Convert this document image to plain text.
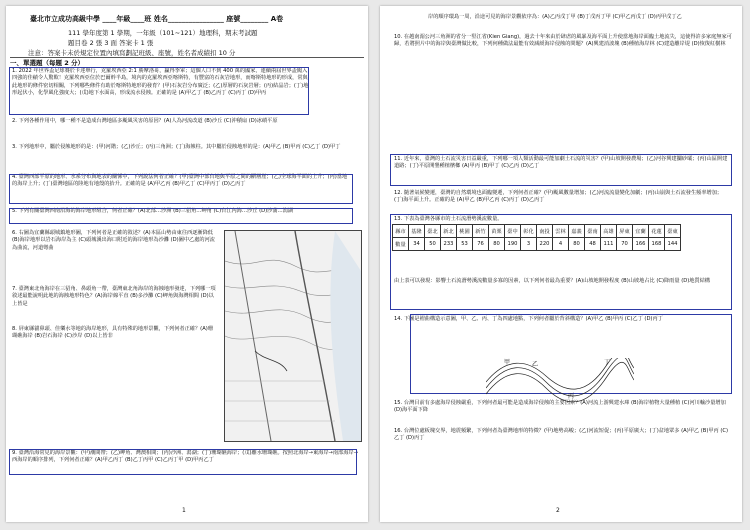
臺北市立成功高級中學 ____年級____班 姓名________________ 座號________ A卷
111 學年度第 1 學期，一年級（101∼121）地理科，期末考試題
題目卷 2 張 3 面 答案卡 1 張
注意：答案卡未於規定位置內填寫劃記班級、座號，姓名者成績扣 10 分
一、單選題（每題 2 分）
1. 2022 年世界盃足球賽於卡達舉行，克羅埃西亞 2:1 勝摩洛哥，贏得季軍；這個人口不到 400 萬的國家，連續兩屆世界盃闖入四強的佳績令人驚歎！克羅埃西亞位於巴爾幹半島，境內的克羅埃西亞喀斯特，有豐富的石灰岩地形，而喀斯特地形的形成，常與此地形的條件密切相關，下列哪些條件有助於喀斯特地形的發育？(甲)石灰岩分布廣泛；(乙)厚層的石灰岩層；(丙)結晶岩；(丁)地形起伏小，化學風化強度大；(戊)地下水面高，形成流水侵蝕。正確的是 (A)甲乙丁 (B)乙丙丁 (C)丙丁 (D)甲丙
2. 下列各種作用中，哪一種不是造成台灣地區多颱風災害的原因？(A)人為河流改道 (B)沙丘 (C)沖積扇 (D)冰磧平原
3. 下列地形中，屬於侵蝕地形的是：(甲)河階；(乙)沙丘；(丙)三角洲；(丁)海蝕柱。其中屬於侵蝕地形的是：(A)甲乙 (B)甲丙 (C)乙丁 (D)甲丁
4. 臺灣西部平原的地形、水系分布與地表的關係中，下列說法何者正確？(甲)臺灣中部台地與平原之間的斷層崖；(乙)全球海平面的上升；(丙)當地的海岸上升；(丁)臺灣地區的陸地有地殼的抬升。正確的是 (A)甲乙丙 (B)甲乙丁 (C)甲丙丁 (D)乙丙丁
5. 下列有關臺灣西南沿海的海岸地形組合，何者正確？(A)北部…沙洲 (B)三貂角…岬角 (C)台江內海…沙丘 (D)沙蒲…潟湖
6. 右圖為宜蘭縣頭城鎮地形圖，下列何者是正確的敘述？(A)本區山勢由東往西逐漸降低 (B)海岸地形以岩石海岸為主 (C)頭城溪出海口附近的海岸地形為沙灘 (D)圖中乙處的河流為曲流，河道彎曲
7. 臺灣東北角海岸在三貂角、鼻頭角一帶，臺灣東北角海岸的海蝕地形發達，下列哪一項敘述最能說明此地的海蝕地形特色？(A)海岸線平直 (B)多沙灘 (C)岬角與海灣相間 (D)以上皆是
8. 屏東縣貓鼻頭、佳樂水等地的海岸地形，具有特殊的地形景觀，下列何者正確？(A)珊瑚礁海岸 (B)岩石海岸 (C)沙岸 (D)以上皆非
9. 臺灣沿海常見的海岸景觀：(甲)潮間帶；(乙)岬角、灣澳相間；(丙)沙洲、潟湖；(丁)珊瑚礁海岸；(戊)離水珊瑚礁。按照北海岸→東海岸→南部海岸→西海岸的順序排列，下列何者正確？(A)甲乙丙丁 (B)乙丁丙甲 (C)乙丙丁甲 (D)甲丙乙丁
1
岸的順序環島一周，沿途可見的海岸景觀依序為：(A)乙丙戊丁甲 (B)丁戊丙丁甲 (C)甲乙丙戊丁 (D)丙甲戊丁乙
10. 在越南湄公河三角洲的省分一堅江省(Kien Giang)，過去十年來由於肆虐的風暴及海平面上升使當地海岸面臨土地流失，這使得許多家庭無家可歸，若將照片中的海岸與臺灣做比較，下列何種做法最能有效減緩海岸侵蝕的問題？(A)興建消波塊 (B)種植海岸林 (C)建造離岸堤 (D)恢復紅樹林
11. 近年來，臺灣的土石流災害日益嚴重，下列哪一項人類活動最可能加劇土石流的災害？(甲)山坡開發農場；(乙)河谷興建攔砂壩；(丙)山區開建道路；(丁)平原開墾種植檳榔 (A)甲丙 (B)甲丁 (C)乙丙 (D)乙丁
12. 隨著氣候變遷，臺灣的自然環境也面臨變遷，下列何者正確？(甲)颱風數量增加；(乙)河流流量變化加劇；(丙)山崩與土石流發生頻率增加；(丁)海平面上升。正確的是 (A)甲乙 (B)甲乙丙 (C)丙丁 (D)乙丙丁
13. 下表為臺灣各縣市的土石流潛勢溪流數量。
縣市	基隆	臺北	新北	桃園	新竹	苗栗	臺中	彰化	南投	雲林	嘉義	臺南	高雄	屏東	宜蘭	花蓮	臺東
數量	34	50	233	53	76	80	190	3	220	4	80	48	111	70	166	168	144
由上表可以發現：影響土石流潛勢溪流數量多寡的因素，以下列何者最為重要？(A)山坡地開發程度 (B)山坡地占比 (C)降雨量 (D)地質結構
14. 下圖是褶曲構造示意圖，甲、乙、丙、丁為四處地點，下列何者屬於背斜構造？(A)甲乙 (B)甲丙 (C)乙丁 (D)丙丁
甲	乙
丙
丁
15. 台灣目前有多處海岸侵蝕嚴重，下列何者最可能是造成海岸侵蝕的主要因素？(A)河流上游興建水庫 (B)海岸植物大量種植 (C)河川輸沙量增加 (D)海平面下降
16. 台灣位處板塊交界，地震頻繁，下列何者為臺灣地形的特徵？(甲)地勢高峻；(乙)河流短促；(丙)平原廣大；(丁)盆地眾多 (A)甲乙 (B)甲丙 (C)乙丁 (D)丙丁
2
